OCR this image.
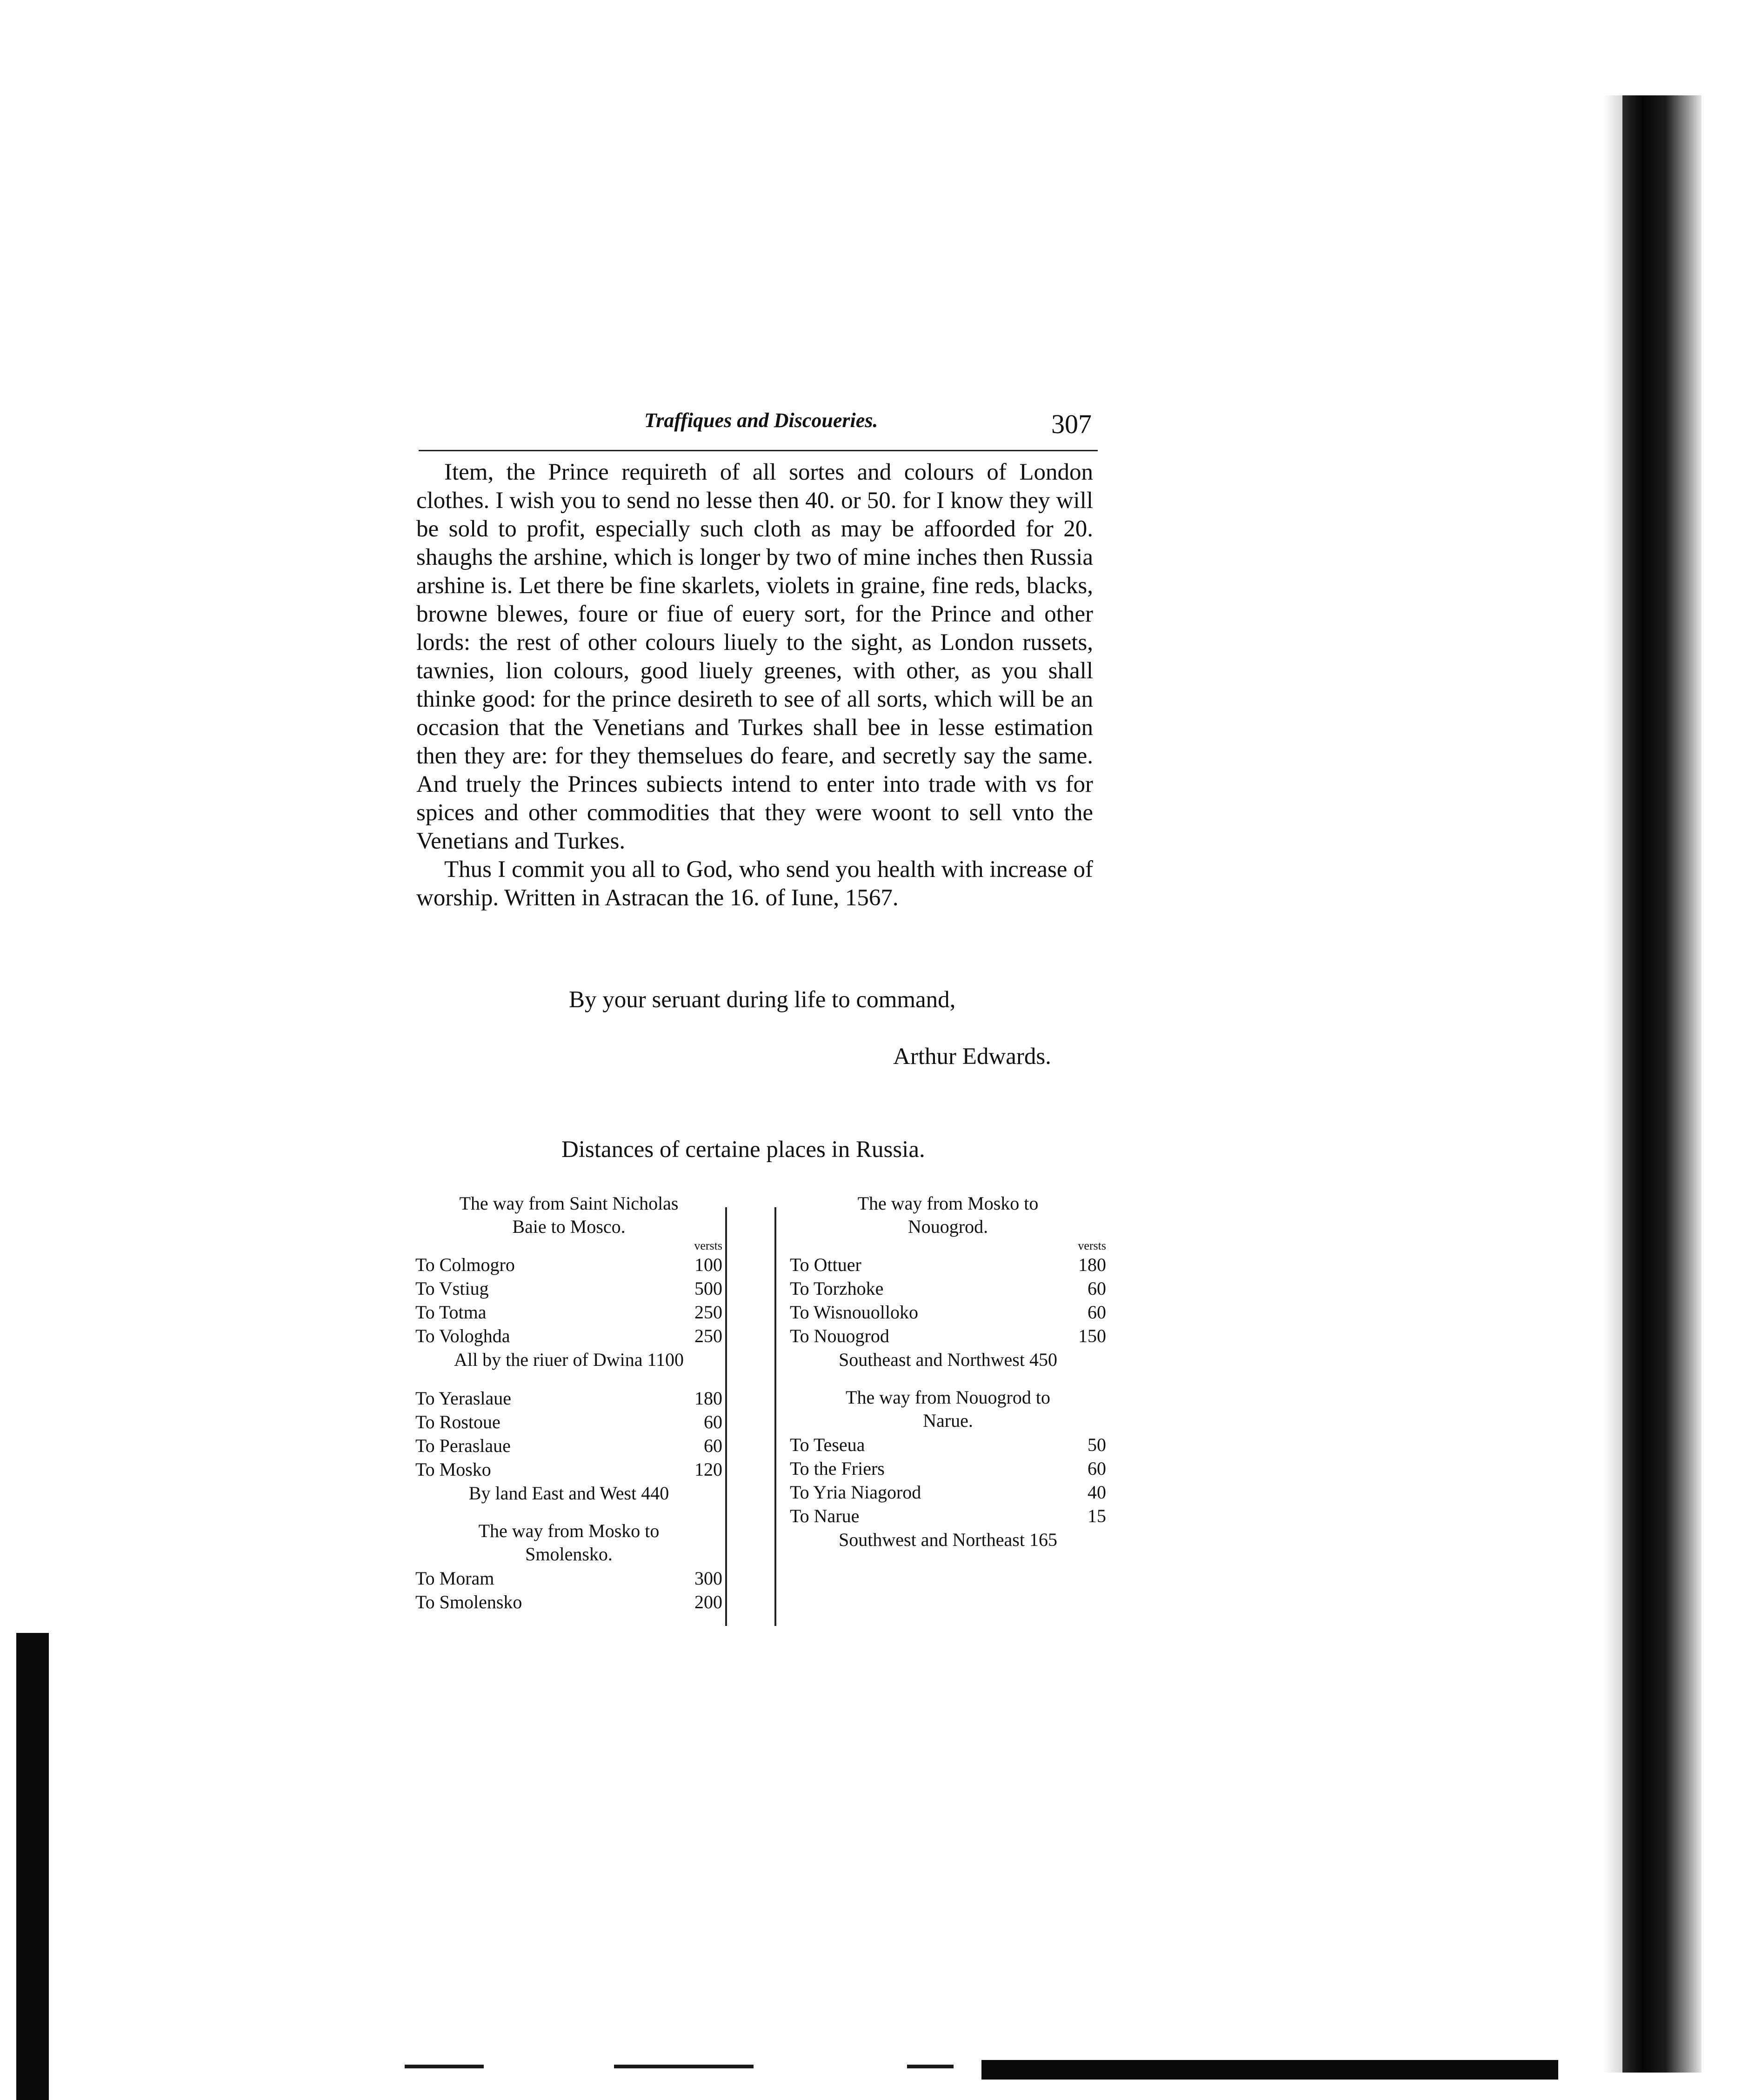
Traffiques and Discoueries.	307

Item, the Prince requireth of all sortes and colours of London clothes. I wish you to send no lesse then 40. or 50. for I know they will be sold to profit, especially such cloth as may be affoorded for 20. shaughs the arshine, which is longer by two of mine inches then Russia arshine is. Let there be fine skarlets, violets in graine, fine reds, blacks, browne blewes, foure or fiue of euery sort, for the Prince and other lords: the rest of other colours liuely to the sight, as London russets, tawnies, lion colours, good liuely greenes, with other, as you shall thinke good: for the prince desireth to see of all sorts, which will be an occasion that the Venetians and Turkes shall bee in lesse estimation then they are: for they themselues do feare, and secretly say the same. And truely the Princes subiects intend to enter into trade with vs for spices and other commodities that they were woont to sell vnto the Venetians and Turkes.

Thus I commit you all to God, who send you health with increase of worship. Written in Astracan the 16. of Iune, 1567.

By your seruant during life to command,
Arthur Edwards.
Distances of certaine places in Russia.
The way from Saint Nicholas
Baie to Mosco.
versts
To Colmogro	100
To Vstiug	500
To Totma	250
To Vologhda	250
All by the riuer of Dwina 1100
To Yeraslaue	180
To Rostoue	60
To Peraslaue	60
To Mosko	120
By land East and West 440
The way from Mosko to
Smolensko.
To Moram	300
To Smolensko	200
The way from Mosko to
Nouogrod.
versts
To Ottuer	180
To Torzhoke	60
To Wisnouolloko	60
To Nouogrod	150
Southeast and Northwest 450
The way from Nouogrod to
Narue.
To Teseua	50
To the Friers	60
To Yria Niagorod	40
To Narue	15
Southwest and Northeast 165
